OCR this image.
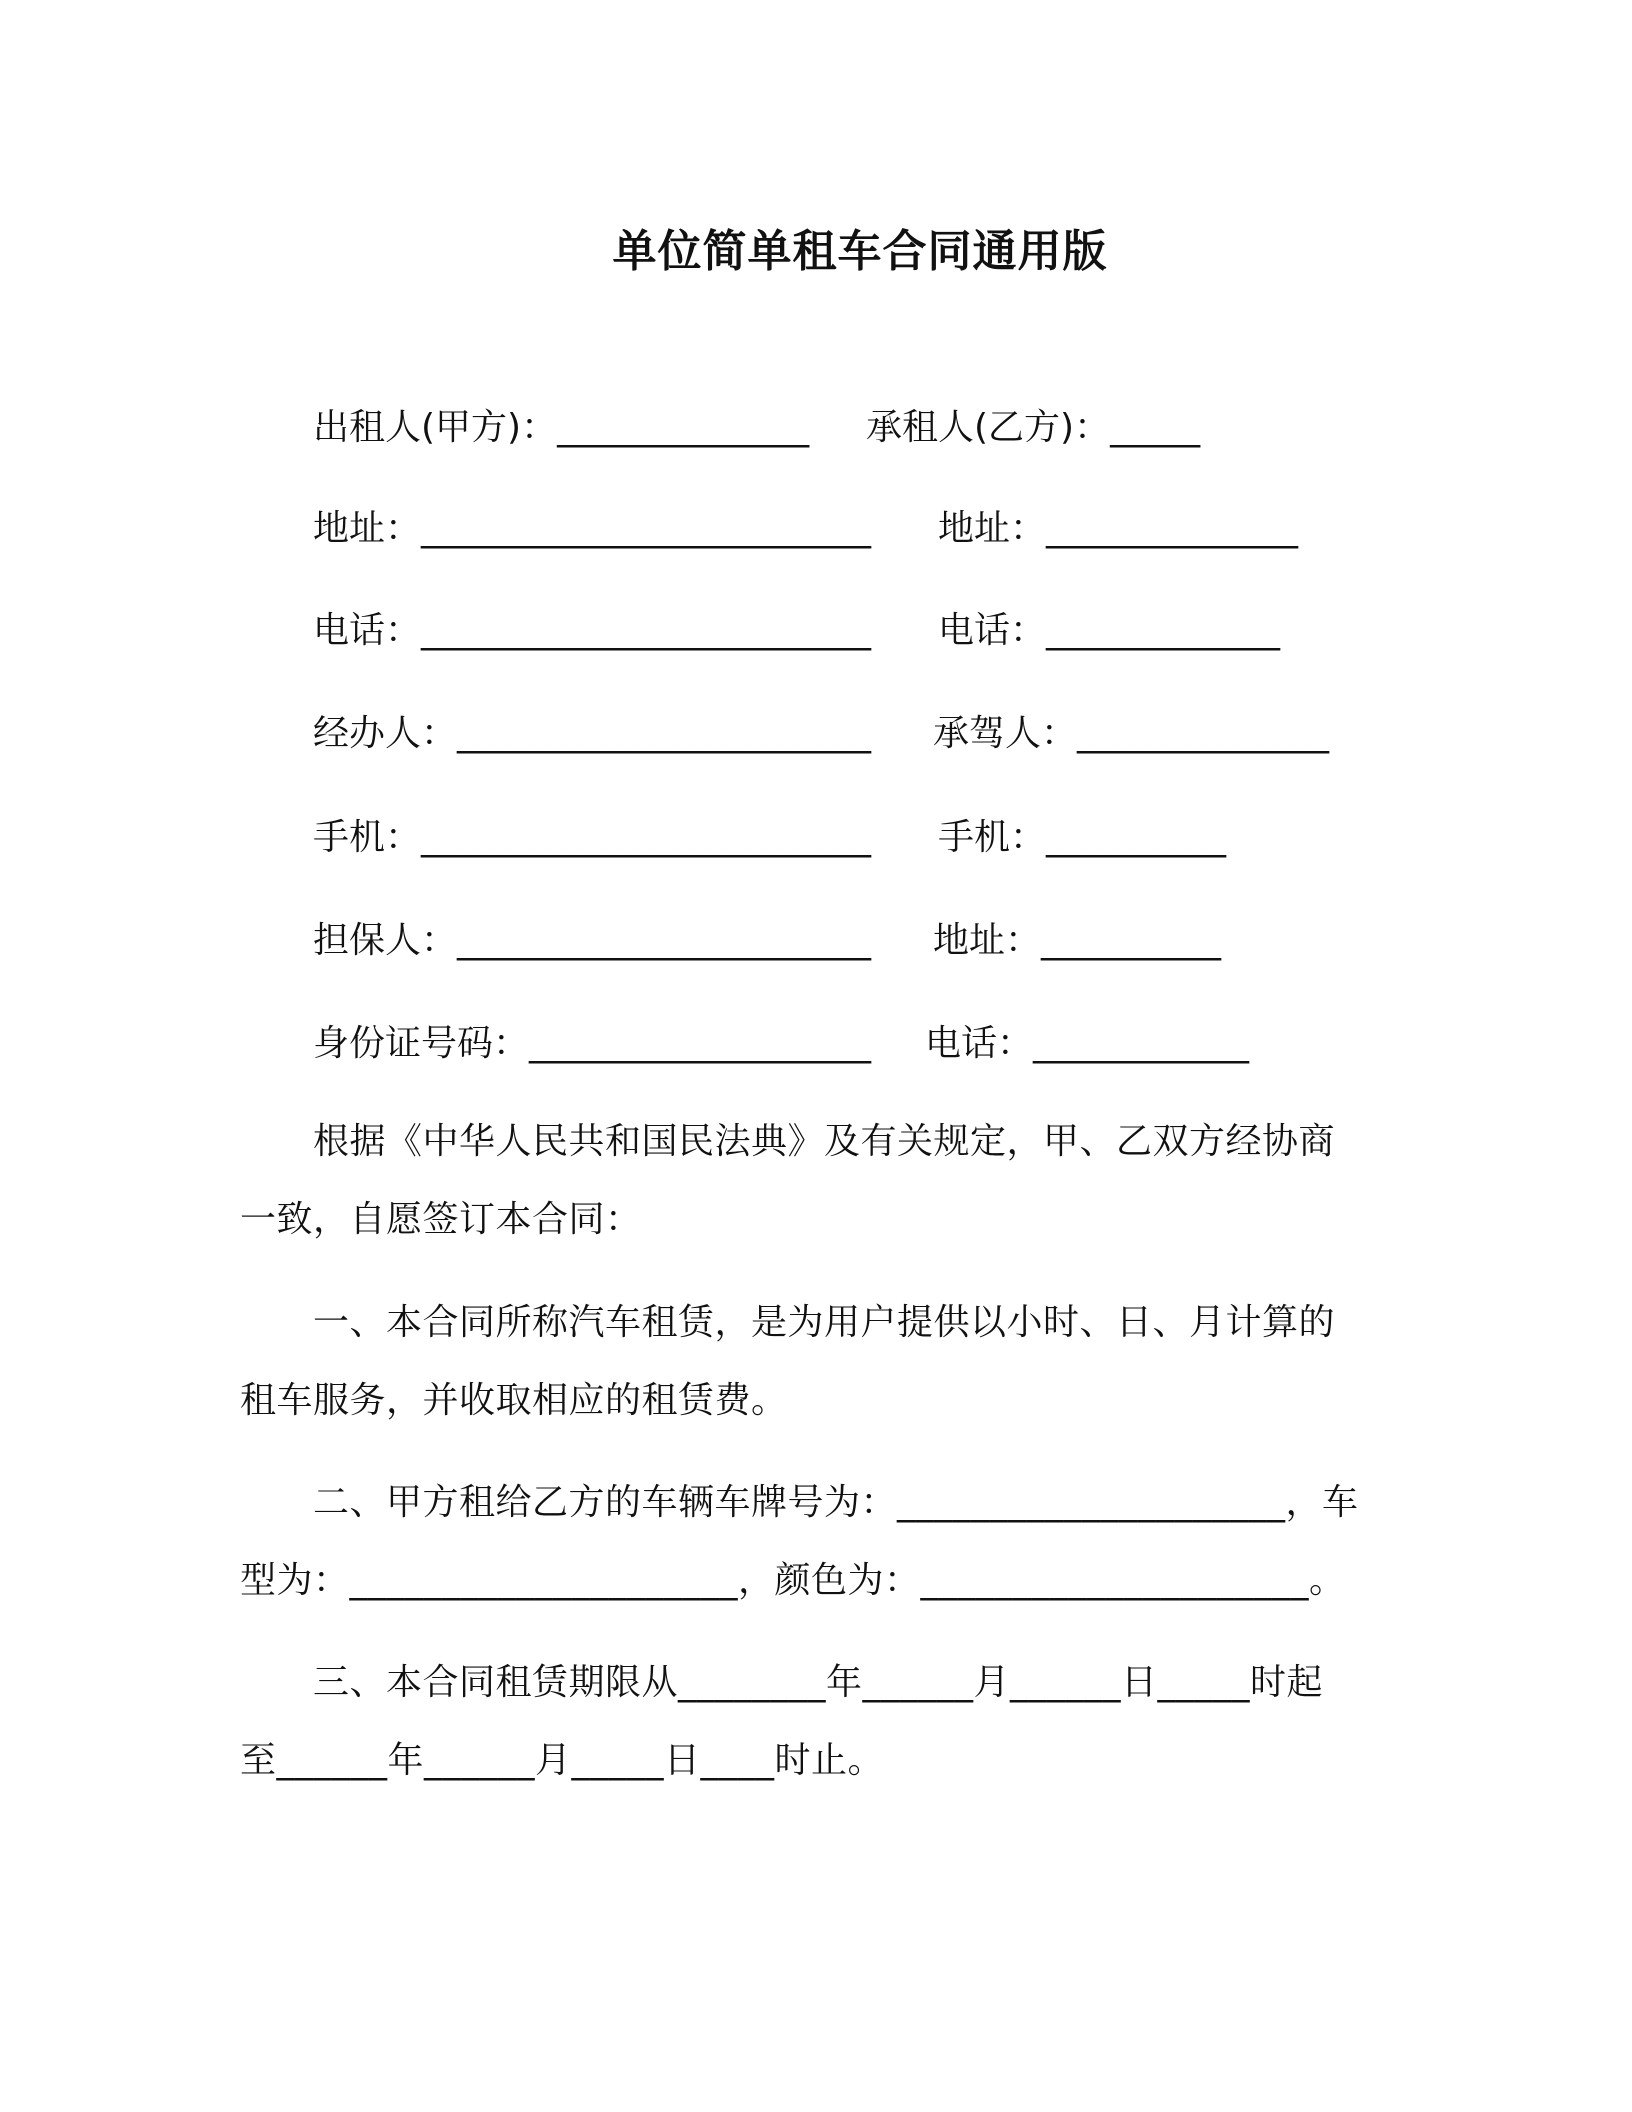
单位简单租车合同通用版
出租人(甲方)：______________ 承租人(乙方)：_____
地址：_________________________ 地址：______________
电话：_________________________ 电话：_____________
经办人：_______________________ 承驾人：______________
手机：_________________________ 手机：__________
担保人：_______________________ 地址：__________
身份证号码：___________________ 电话：____________
根据《中华人民共和国民法典》及有关规定，甲、乙双方经协商
一致，自愿签订本合同：
一、本合同所称汽车租赁，是为用户提供以小时、日、月计算的
租车服务，并收取相应的租赁费。
二、甲方租给乙方的车辆车牌号为：_____________________，车
型为：_____________________，颜色为：_____________________。
三、本合同租赁期限从________年______月______日_____时起
至______年______月_____日____时止。
